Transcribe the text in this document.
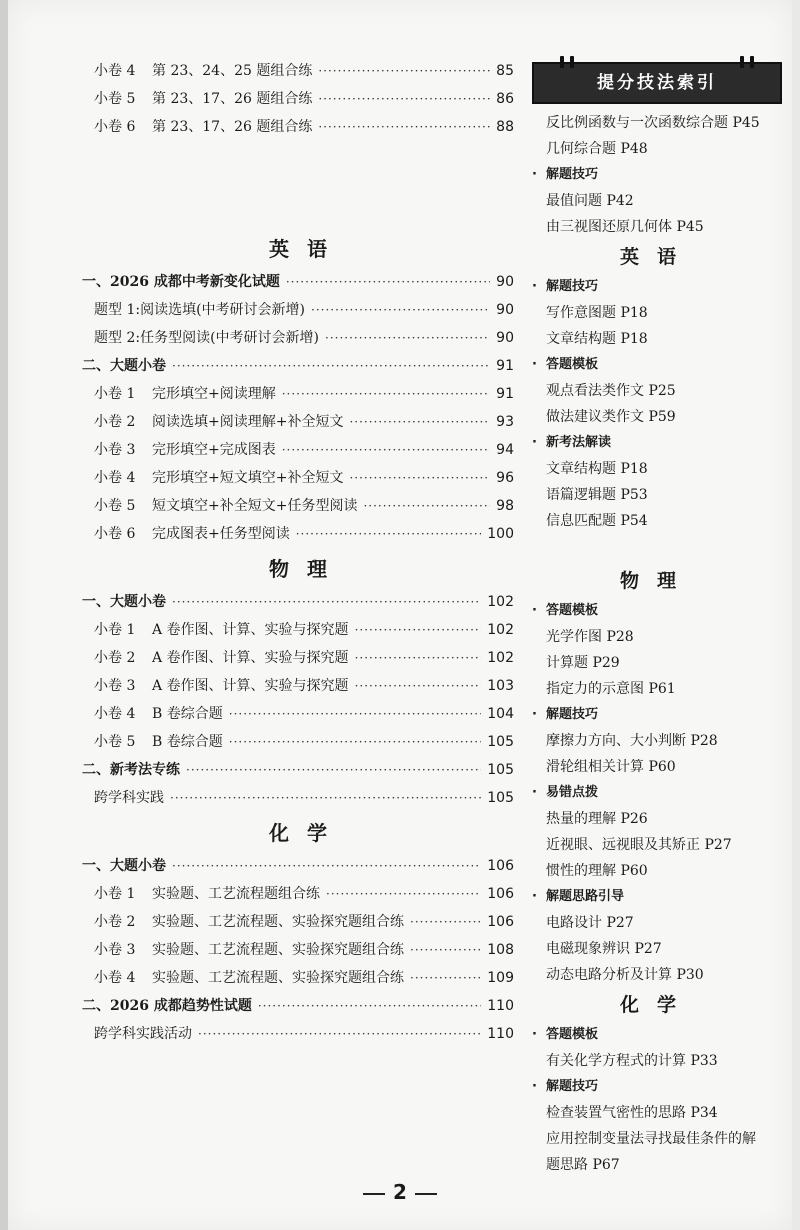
小卷 4	第 23、24、25 题组合练 ·····	85
小卷 5	第 23、17、26 题组合练 ·····	86
小卷 6	第 23、17、26 题组合练 ·····	88
英语
一、2026 成都中考新变化试题 ·····	90
题型 1:阅读选填(中考研讨会新增) ·····	90
题型 2:任务型阅读(中考研讨会新增) ·····	90
二、大题小卷 ·····	91
小卷 1	完形填空+阅读理解 ·····	91
小卷 2	阅读选填+阅读理解+补全短文 ·····	93
小卷 3	完形填空+完成图表 ·····	94
小卷 4	完形填空+短文填空+补全短文 ·····	96
小卷 5	短文填空+补全短文+任务型阅读 ·····	98
小卷 6	完成图表+任务型阅读 ·····	100
物理
一、大题小卷 ·····	102
小卷 1	A 卷作图、计算、实验与探究题 ·····	102
小卷 2	A 卷作图、计算、实验与探究题 ·····	102
小卷 3	A 卷作图、计算、实验与探究题 ·····	103
小卷 4	B 卷综合题 ·····	104
小卷 5	B 卷综合题 ·····	105
二、新考法专练 ·····	105
跨学科实践 ·····	105
化学
一、大题小卷 ·····	106
小卷 1	实验题、工艺流程题组合练 ·····	106
小卷 2	实验题、工艺流程题、实验探究题组合练 ·····	106
小卷 3	实验题、工艺流程题、实验探究题组合练 ·····	108
小卷 4	实验题、工艺流程题、实验探究题组合练 ·····	109
二、2026 成都趋势性试题 ·····	110
跨学科实践活动 ·····	110
提分技法索引
反比例函数与一次函数综合题 P45
几何综合题 P48
· 解题技巧
最值问题 P42
由三视图还原几何体 P45
英语
· 解题技巧
写作意图题 P18
文章结构题 P18
· 答题模板
观点看法类作文 P25
做法建议类作文 P59
· 新考法解读
文章结构题 P18
语篇逻辑题 P53
信息匹配题 P54
物理
· 答题模板
光学作图 P28
计算题 P29
指定力的示意图 P61
· 解题技巧
摩擦力方向、大小判断 P28
滑轮组相关计算 P60
· 易错点拨
热量的理解 P26
近视眼、远视眼及其矫正 P27
惯性的理解 P60
· 解题思路引导
电路设计 P27
电磁现象辨识 P27
动态电路分析及计算 P30
化学
· 答题模板
有关化学方程式的计算 P33
· 解题技巧
检查装置气密性的思路 P34
应用控制变量法寻找最佳条件的解
题思路 P67
2
